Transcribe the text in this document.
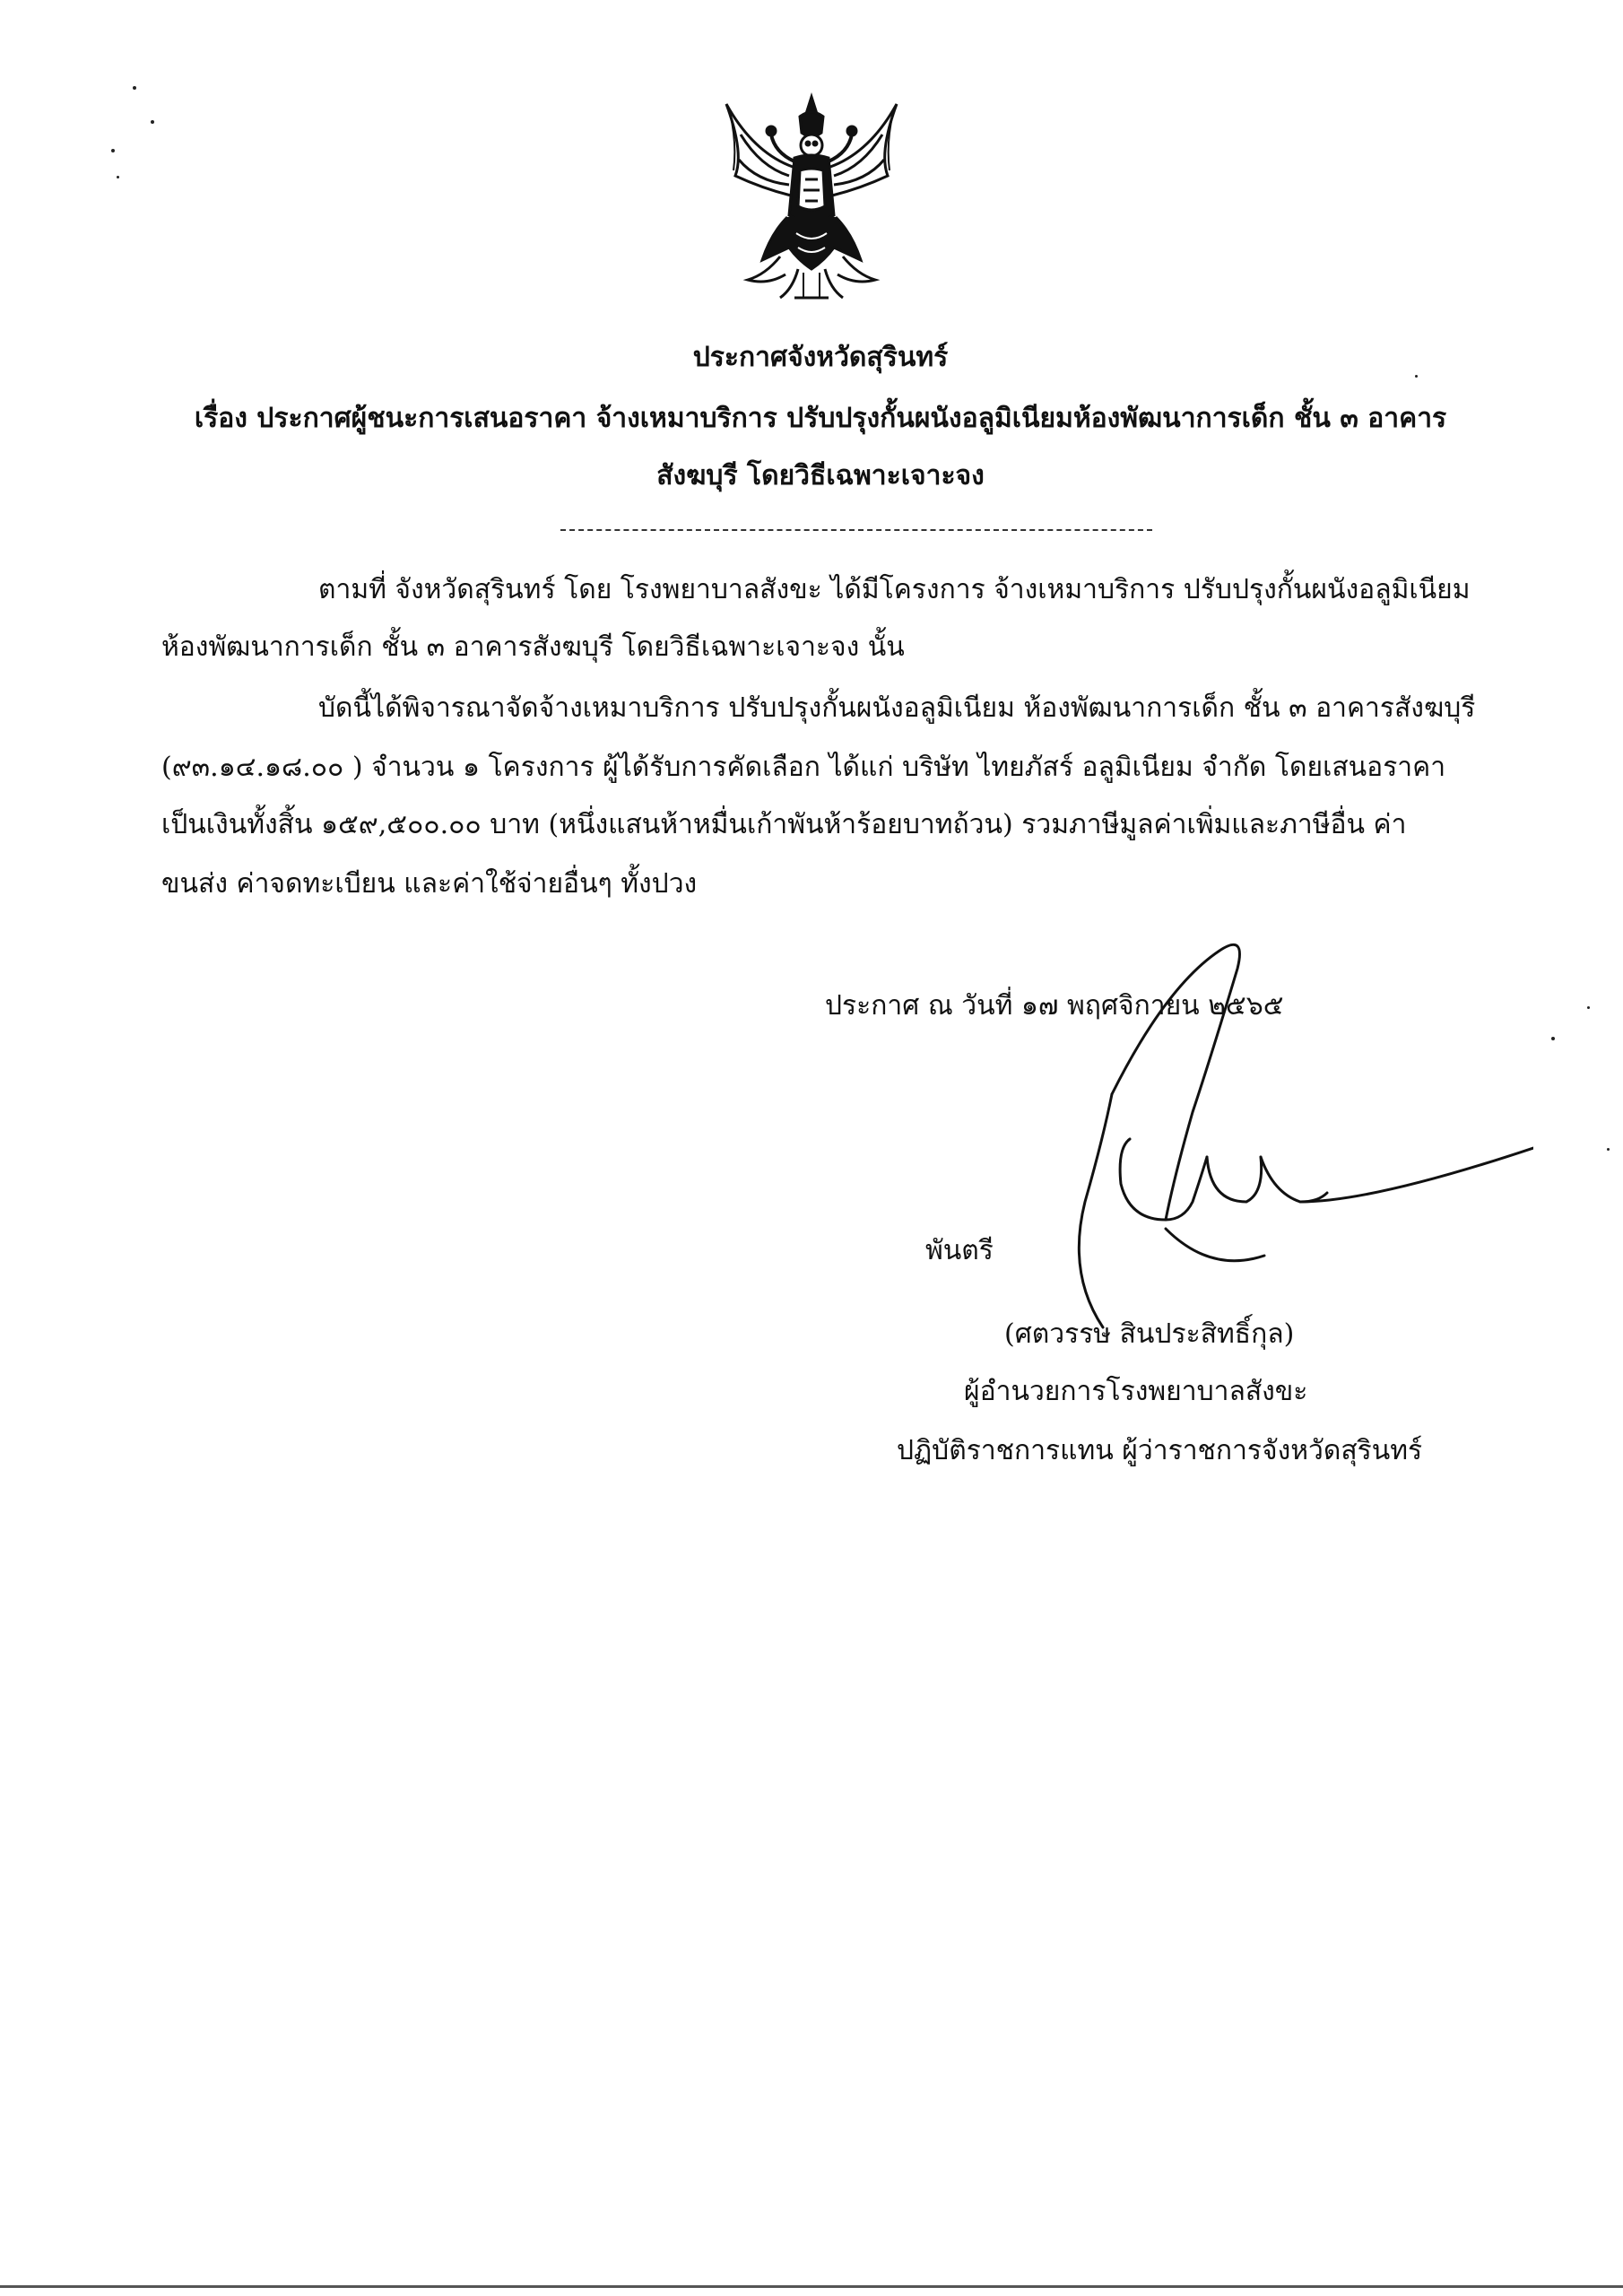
ประกาศจังหวัดสุรินทร์
เรื่อง ประกาศผู้ชนะการเสนอราคา จ้างเหมาบริการ ปรับปรุงกั้นผนังอลูมิเนียมห้องพัฒนาการเด็ก ชั้น ๓ อาคาร
สังฆบุรี โดยวิธีเฉพาะเจาะจง
ตามที่ จังหวัดสุรินทร์ โดย โรงพยาบาลสังขะ ได้มีโครงการ จ้างเหมาบริการ ปรับปรุงกั้นผนังอลูมิเนียม
ห้องพัฒนาการเด็ก ชั้น ๓ อาคารสังฆบุรี โดยวิธีเฉพาะเจาะจง นั้น
บัดนี้ได้พิจารณาจัดจ้างเหมาบริการ ปรับปรุงกั้นผนังอลูมิเนียม ห้องพัฒนาการเด็ก ชั้น ๓ อาคารสังฆบุรี
(๙๓.๑๔.๑๘.๐๐ ) จำนวน ๑ โครงการ ผู้ได้รับการคัดเลือก ได้แก่ บริษัท ไทยภัสร์ อลูมิเนียม จำกัด โดยเสนอราคา
เป็นเงินทั้งสิ้น ๑๕๙,๕๐๐.๐๐ บาท (หนึ่งแสนห้าหมื่นเก้าพันห้าร้อยบาทถ้วน) รวมภาษีมูลค่าเพิ่มและภาษีอื่น ค่า
ขนส่ง ค่าจดทะเบียน และค่าใช้จ่ายอื่นๆ ทั้งปวง
ประกาศ ณ วันที่ ๑๗ พฤศจิกายน ๒๕๖๕
พันตรี
(ศตวรรษ สินประสิทธิ์กุล)
ผู้อำนวยการโรงพยาบาลสังขะ
ปฏิบัติราชการแทน ผู้ว่าราชการจังหวัดสุรินทร์
